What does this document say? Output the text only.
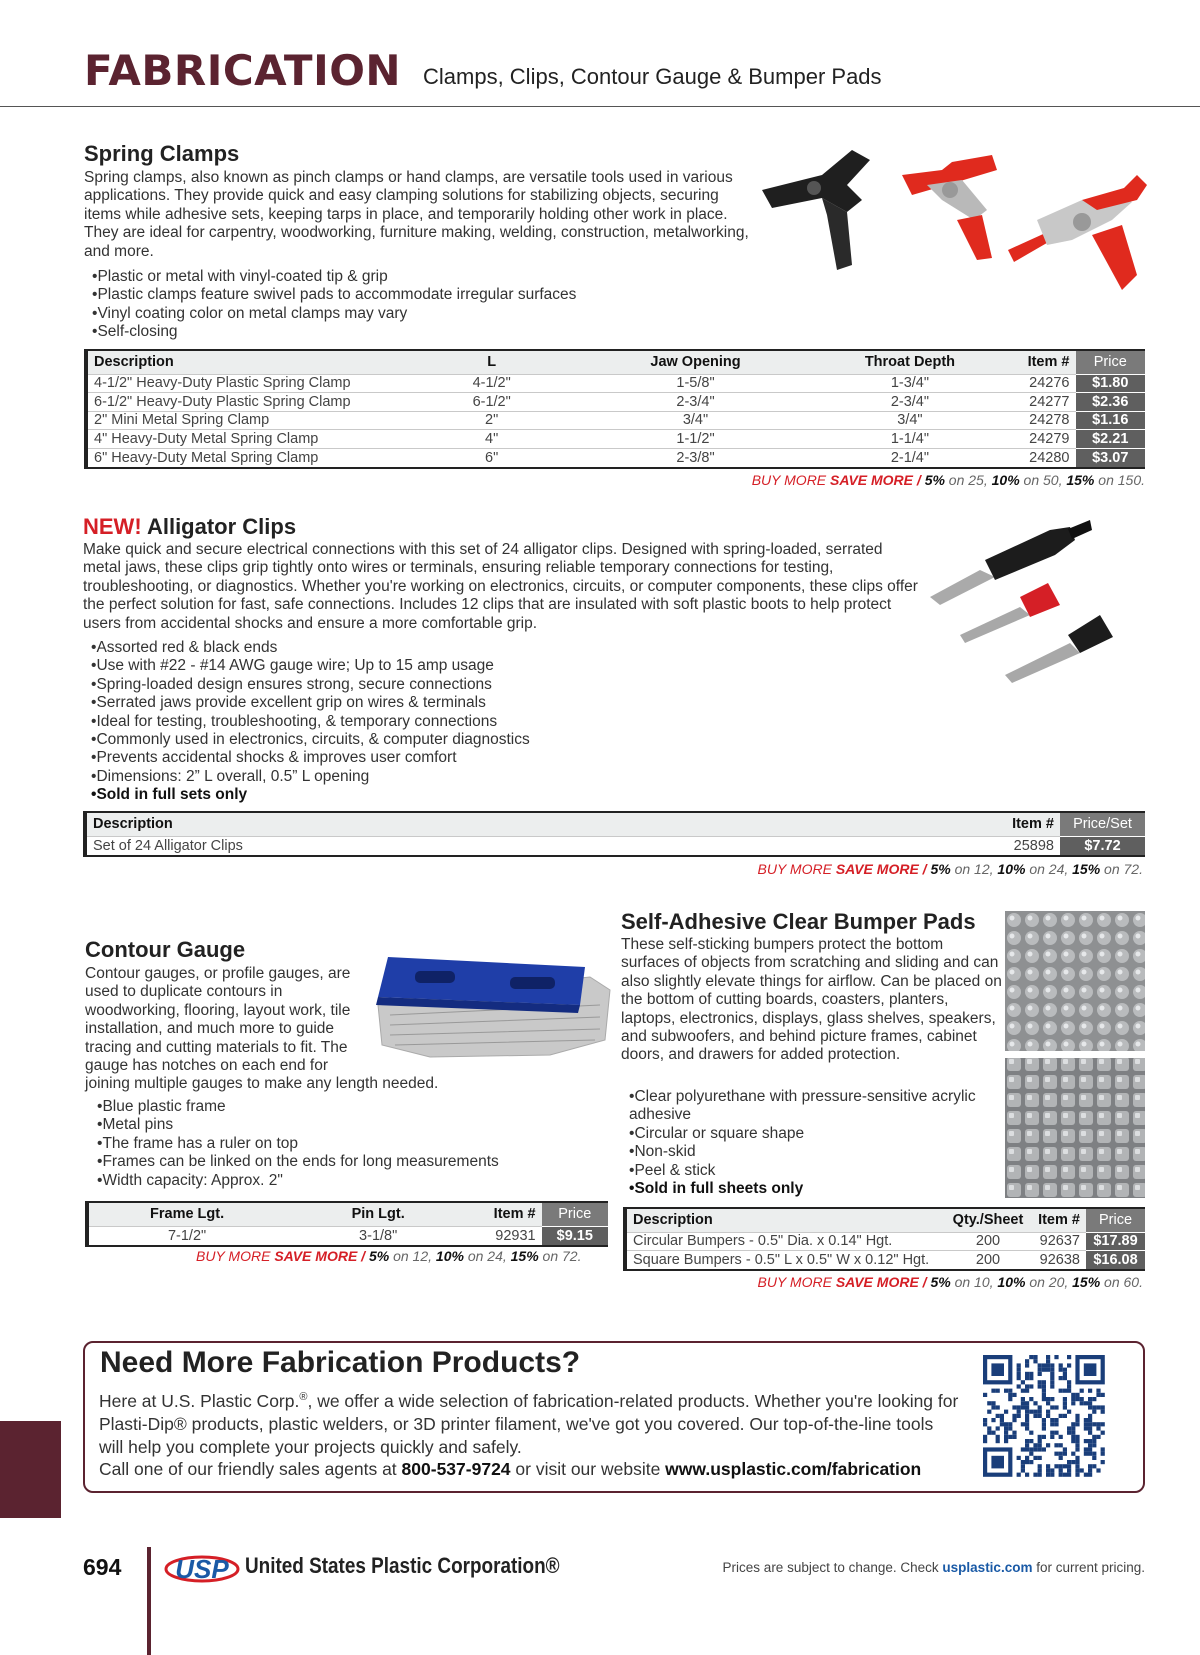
FABRICATION Clamps, Clips, Contour Gauge & Bumper Pads
Spring Clamps

Spring clamps, also known as pinch clamps or hand clamps, are versatile tools used in various applications. They provide quick and easy clamping solutions for stabilizing objects, securing items while adhesive sets, keeping tarps in place, and temporarily holding other work in place. They are ideal for carpentry, woodworking, furniture making, welding, construction, metalworking, and more.

• Plastic or metal with vinyl-coated tip & grip
• Plastic clamps feature swivel pads to accommodate irregular surfaces
• Vinyl coating color on metal clamps may vary
• Self-closing
Description	L	Jaw Opening	Throat Depth	Item #	Price
4-1/2" Heavy-Duty Plastic Spring Clamp	4-1/2"	1-5/8"	1-3/4"	24276	$1.80
6-1/2" Heavy-Duty Plastic Spring Clamp	6-1/2"	2-3/4"	2-3/4"	24277	$2.36
2" Mini Metal Spring Clamp	2"	3/4"	3/4"	24278	$1.16
4" Heavy-Duty Metal Spring Clamp	4"	1-1/2"	1-1/4"	24279	$2.21
6" Heavy-Duty Metal Spring Clamp	6"	2-3/8"	2-1/4"	24280	$3.07
BUY MORE SAVE MORE / 5% on 25, 10% on 50, 15% on 150.
NEW! Alligator Clips

Make quick and secure electrical connections with this set of 24 alligator clips. Designed with spring-loaded, serrated metal jaws, these clips grip tightly onto wires or terminals, ensuring reliable temporary connections for testing, troubleshooting, or diagnostics. Whether you're working on electronics, circuits, or computer components, these clips offer the perfect solution for fast, safe connections. Includes 12 clips that are insulated with soft plastic boots to help protect users from accidental shocks and ensure a more comfortable grip.

• Assorted red & black ends
• Use with #22 - #14 AWG gauge wire; Up to 15 amp usage
• Spring-loaded design ensures strong, secure connections
• Serrated jaws provide excellent grip on wires & terminals
• Ideal for testing, troubleshooting, & temporary connections
• Commonly used in electronics, circuits, & computer diagnostics
• Prevents accidental shocks & improves user comfort
• Dimensions: 2” L overall, 0.5” L opening
• Sold in full sets only
Description	Item #	Price/Set
Set of 24 Alligator Clips	25898	$7.72
BUY MORE SAVE MORE / 5% on 12, 10% on 24, 15% on 72.
Contour Gauge

Contour gauges, or profile gauges, are used to duplicate contours in woodworking, flooring, layout work, tile installation, and much more to guide tracing and cutting materials to fit. The gauge has notches on each end for

joining multiple gauges to make any length needed.

• Blue plastic frame
• Metal pins
• The frame has a ruler on top
• Frames can be linked on the ends for long measurements
• Width capacity: Approx. 2"
Frame Lgt.	Pin Lgt.	Item #	Price
7-1/2"	3-1/8"	92931	$9.15
BUY MORE SAVE MORE / 5% on 12, 10% on 24, 15% on 72.
Self-Adhesive Clear Bumper Pads

These self-sticking bumpers protect the bottom surfaces of objects from scratching and sliding and can also slightly elevate things for airflow. Can be placed on the bottom of cutting boards, coasters, planters, laptops, electronics, displays, glass shelves, speakers, and subwoofers, and behind picture frames, cabinet doors, and drawers for added protection.

• Clear polyurethane with pressure-sensitive acrylic adhesive
• Circular or square shape
• Non-skid
• Peel & stick
• Sold in full sheets only
Description	Qty./Sheet	Item #	Price
Circular Bumpers - 0.5" Dia. x 0.14" Hgt.	200	92637	$17.89
Square Bumpers - 0.5" L x 0.5" W x 0.12" Hgt.	200	92638	$16.08
BUY MORE SAVE MORE / 5% on 10, 10% on 20, 15% on 60.
Need More Fabrication Products?
Here at U.S. Plastic Corp.®, we offer a wide selection of fabrication-related products. Whether you're looking for Plasti-Dip® products, plastic welders, or 3D printer filament, we've got you covered. Our top-of-the-line tools will help you complete your projects quickly and safely.
Call one of our friendly sales agents at 800-537-9724 or visit our website www.usplastic.com/fabrication
694 USP United States Plastic Corporation®	Prices are subject to change. Check usplastic.com for current pricing.
